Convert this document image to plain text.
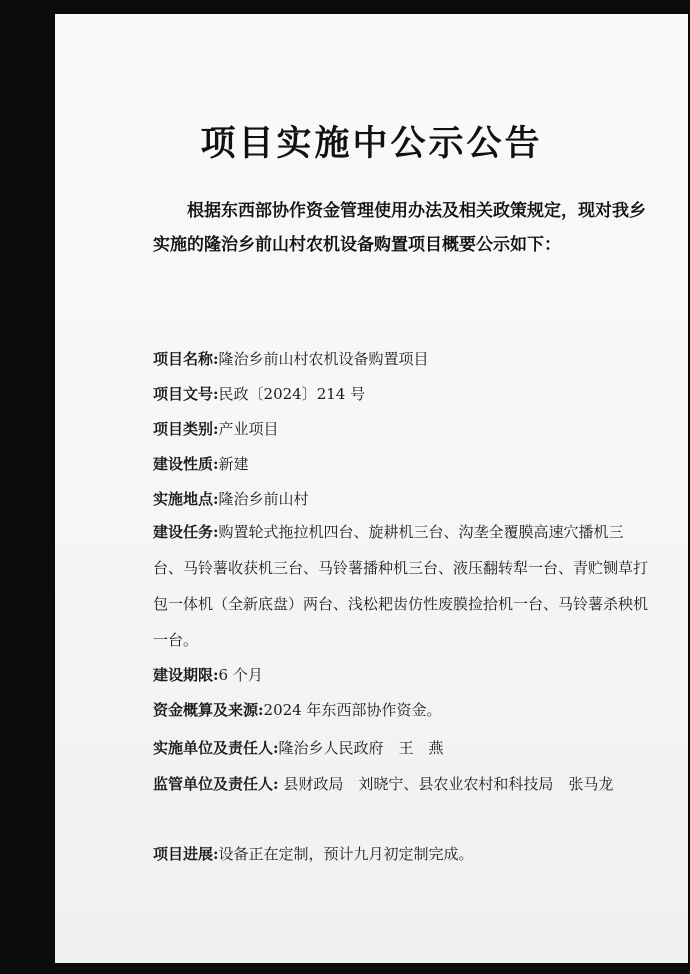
项目实施中公示公告
根据东西部协作资金管理使用办法及相关政策规定，现对我乡实施的隆治乡前山村农机设备购置项目概要公示如下：
项目名称:隆治乡前山村农机设备购置项目
项目文号:民政〔2024〕214 号
项目类别:产业项目
建设性质:新建
实施地点:隆治乡前山村
建设任务:购置轮式拖拉机四台、旋耕机三台、沟垄全覆膜高速穴播机三台、马铃薯收获机三台、马铃薯播种机三台、液压翻转犁一台、青贮铡草打包一体机（全新底盘）两台、浅松耙齿仿性废膜捡拾机一台、马铃薯杀秧机一台。
建设期限:6 个月
资金概算及来源:2024 年东西部协作资金。
实施单位及责任人:隆治乡人民政府　王　燕
监管单位及责任人: 县财政局　刘晓宁、县农业农村和科技局　张马龙
项目进展:设备正在定制，预计九月初定制完成。
